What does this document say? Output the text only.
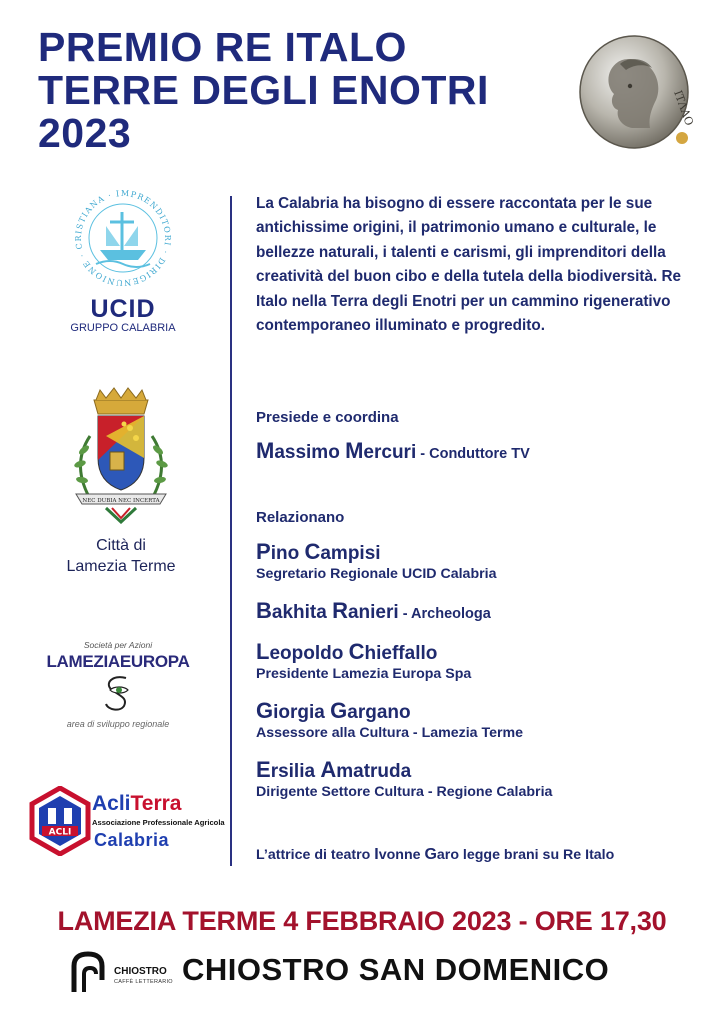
PREMIO RE ITALO
TERRE DEGLI ENOTRI
2023
ITΛΛO
UNIONE · CRISTIANA · IMPRENDITORI · DIRIGEN
UCID
GRUPPO CALABRIA
NEC DUBIA NEC INCERTA
Città di
Lamezia Terme
Società per Azioni
LAMEZIAEUROPA
area di sviluppo regionale
ACLI
AcliTerra
Associazione Professionale Agricola
Calabria

La Calabria ha bisogno di essere raccontata per le sue antichissime origini, il patrimonio umano e culturale, le bellezze naturali, i talenti e carismi, gli imprenditori della creatività del buon cibo e della tutela della biodiversità. Re Italo nella Terra degli Enotri per un cammino rigenerativo contemporaneo illuminato e progredito.

Presiede e coordina
Massimo Mercuri - Conduttore TV
Relazionano
Pino Campisi
Segretario Regionale UCID Calabria
Bakhita Ranieri - Archeologa
Leopoldo Chieffallo
Presidente Lamezia Europa Spa
Giorgia Gargano
Assessore alla Cultura - Lamezia Terme
Ersilia Amatruda
Dirigente Settore Cultura - Regione Calabria
L’attrice di teatro Ivonne Garo legge brani su Re Italo
LAMEZIA TERME 4 FEBBRAIO 2023 - ORE 17,30
CHIOSTRO
CAFFÈ LETTERARIO CHIOSTRO SAN DOMENICO
